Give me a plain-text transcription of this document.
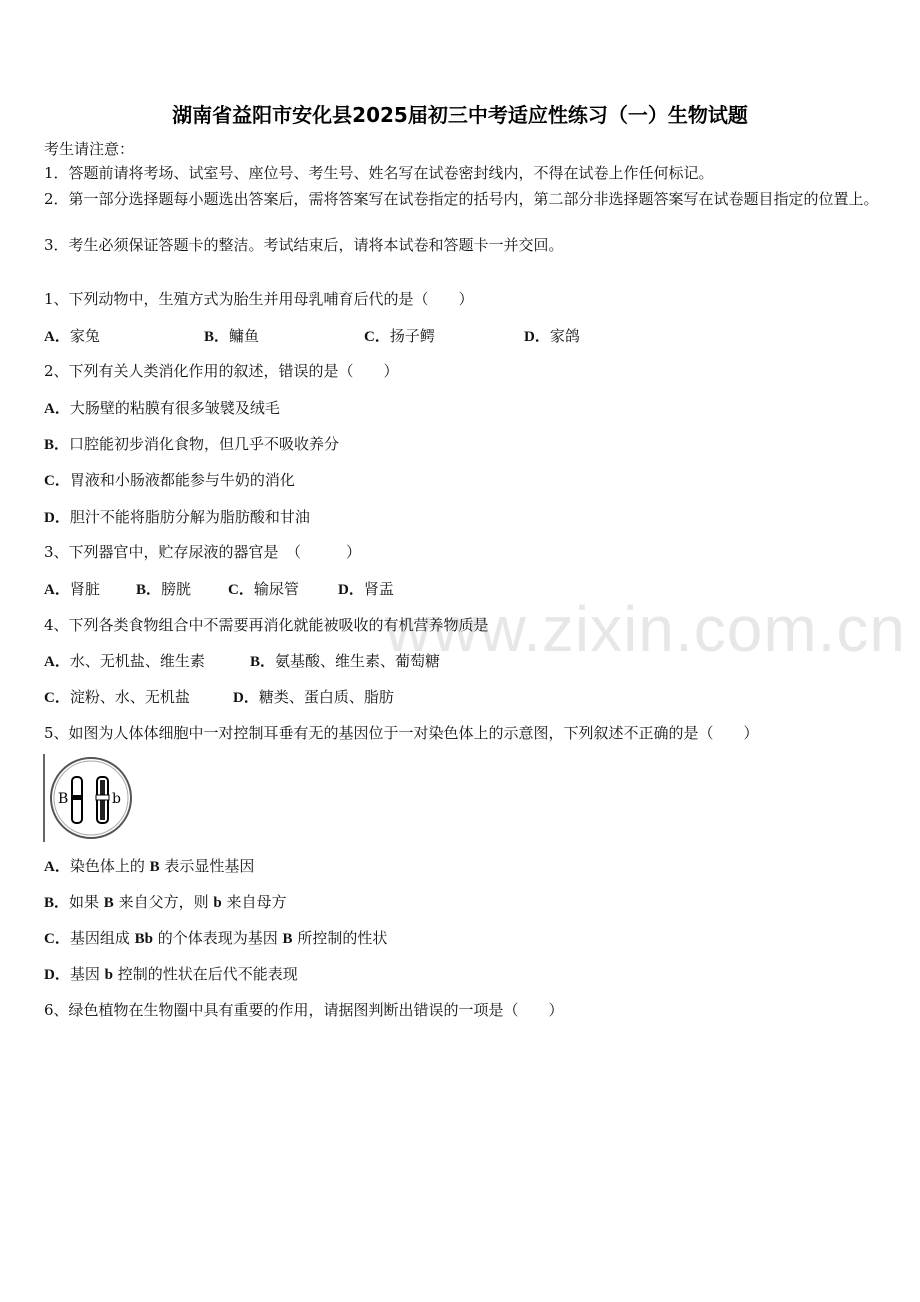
www.zixin.com.cn
湖南省益阳市安化县2025届初三中考适应性练习（一）生物试题
考生请注意：
1．答题前请将考场、试室号、座位号、考生号、姓名写在试卷密封线内，不得在试卷上作任何标记。
2．第一部分选择题每小题选出答案后，需将答案写在试卷指定的括号内，第二部分非选择题答案写在试卷题目指定的位置上。
3．考生必须保证答题卡的整洁。考试结束后，请将本试卷和答题卡一并交回。
1、下列动物中，生殖方式为胎生并用母乳哺育后代的是（　　）
A．家兔	B．鳙鱼	C．扬子鳄	D．家鸽
2、下列有关人类消化作用的叙述，错误的是（　　）
A．大肠壁的粘膜有很多皱襞及绒毛
B．口腔能初步消化食物，但几乎不吸收养分
C．胃液和小肠液都能参与牛奶的消化
D．胆汁不能将脂肪分解为脂肪酸和甘油
3、下列器官中，贮存尿液的器官是　（　　　）
A．肾脏 B．膀胱 C．输尿管	D．肾盂
4、下列各类食物组合中不需要再消化就能被吸收的有机营养物质是
A．水、无机盐、维生素	B．氨基酸、维生素、葡萄糖
C．淀粉、水、无机盐	D．糖类、蛋白质、脂肪
5、如图为人体体细胞中一对控制耳垂有无的基因位于一对染色体上的示意图，下列叙述不正确的是（　　）
B	b
A．染色体上的 B 表示显性基因
B．如果 B 来自父方，则 b 来自母方
C．基因组成 Bb 的个体表现为基因 B 所控制的性状
D．基因 b 控制的性状在后代不能表现
6、绿色植物在生物圈中具有重要的作用，请据图判断出错误的一项是（　　）
